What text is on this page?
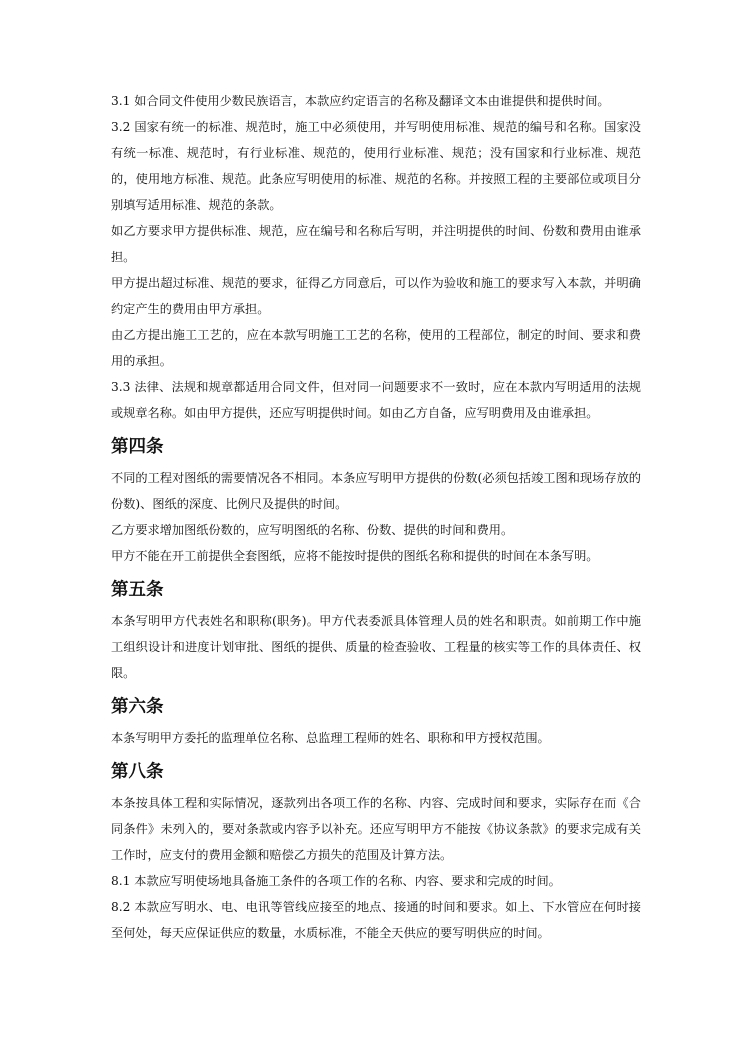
3.1 如合同文件使用少数民族语言，本款应约定语言的名称及翻译文本由谁提供和提供时间。

3.2 国家有统一的标准、规范时，施工中必须使用，并写明使用标准、规范的编号和名称。国家没有统一标准、规范时，有行业标准、规范的，使用行业标准、规范；没有国家和行业标准、规范的，使用地方标准、规范。此条应写明使用的标准、规范的名称。并按照工程的主要部位或项目分别填写适用标准、规范的条款。

如乙方要求甲方提供标准、规范，应在编号和名称后写明，并注明提供的时间、份数和费用由谁承担。

甲方提出超过标准、规范的要求，征得乙方同意后，可以作为验收和施工的要求写入本款，并明确约定产生的费用由甲方承担。

由乙方提出施工工艺的，应在本款写明施工工艺的名称，使用的工程部位，制定的时间、要求和费用的承担。

3.3 法律、法规和规章都适用合同文件，但对同一问题要求不一致时，应在本款内写明适用的法规或规章名称。如由甲方提供，还应写明提供时间。如由乙方自备，应写明费用及由谁承担。

第四条

不同的工程对图纸的需要情况各不相同。本条应写明甲方提供的份数(必须包括竣工图和现场存放的份数)、图纸的深度、比例尺及提供的时间。

乙方要求增加图纸份数的，应写明图纸的名称、份数、提供的时间和费用。

甲方不能在开工前提供全套图纸，应将不能按时提供的图纸名称和提供的时间在本条写明。

第五条

本条写明甲方代表姓名和职称(职务)。甲方代表委派具体管理人员的姓名和职责。如前期工作中施工组织设计和进度计划审批、图纸的提供、质量的检查验收、工程量的核实等工作的具体责任、权限。

第六条

本条写明甲方委托的监理单位名称、总监理工程师的姓名、职称和甲方授权范围。

第八条

本条按具体工程和实际情况，逐款列出各项工作的名称、内容、完成时间和要求，实际存在而《合同条件》未列入的，要对条款或内容予以补充。还应写明甲方不能按《协议条款》的要求完成有关工作时，应支付的费用金额和赔偿乙方损失的范围及计算方法。

8.1 本款应写明使场地具备施工条件的各项工作的名称、内容、要求和完成的时间。

8.2 本款应写明水、电、电讯等管线应接至的地点、接通的时间和要求。如上、下水管应在何时接至何处，每天应保证供应的数量，水质标准，不能全天供应的要写明供应的时间。
